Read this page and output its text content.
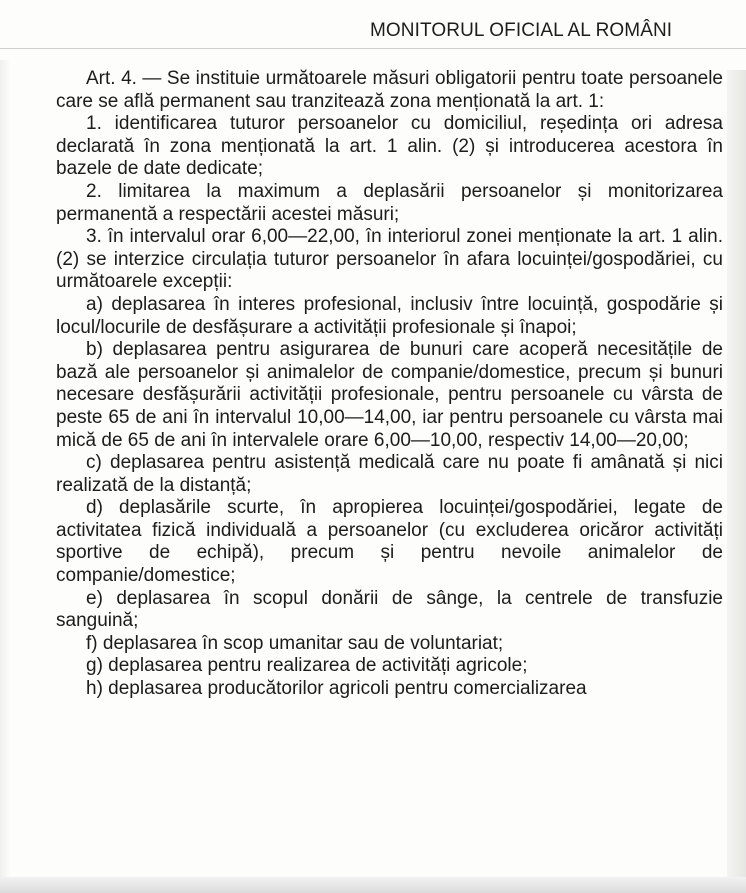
MONITORUL OFICIAL AL ROMÂNI

Art. 4. — Se instituie următoarele măsuri obligatorii pentru toate persoanele care se află permanent sau tranzitează zona menționată la art. 1:

1. identificarea tuturor persoanelor cu domiciliul, reședința ori adresa declarată în zona menționată la art. 1 alin. (2) și introducerea acestora în bazele de date dedicate;

2. limitarea la maximum a deplasării persoanelor și monitorizarea permanentă a respectării acestei măsuri;

3. în intervalul orar 6,00—22,00, în interiorul zonei menționate la art. 1 alin. (2) se interzice circulația tuturor persoanelor în afara locuinței/gospodăriei, cu următoarele excepții:

a) deplasarea în interes profesional, inclusiv între locuință, gospodărie și locul/locurile de desfășurare a activității profesionale și înapoi;

b) deplasarea pentru asigurarea de bunuri care acoperă necesitățile de bază ale persoanelor și animalelor de companie/domestice, precum și bunuri necesare desfășurării activității profesionale, pentru persoanele cu vârsta de peste 65 de ani în intervalul 10,00—14,00, iar pentru persoanele cu vârsta mai mică de 65 de ani în intervalele orare 6,00—10,00, respectiv 14,00—20,00;

c) deplasarea pentru asistență medicală care nu poate fi amânată și nici realizată de la distanță;

d) deplasările scurte, în apropierea locuinței/gospodăriei, legate de activitatea fizică individuală a persoanelor (cu excluderea oricăror activități sportive de echipă), precum și pentru nevoile animalelor de companie/domestice;

e) deplasarea în scopul donării de sânge, la centrele de transfuzie sanguină;

f) deplasarea în scop umanitar sau de voluntariat;

g) deplasarea pentru realizarea de activități agricole;

h) deplasarea producătorilor agricoli pentru comercializarea
